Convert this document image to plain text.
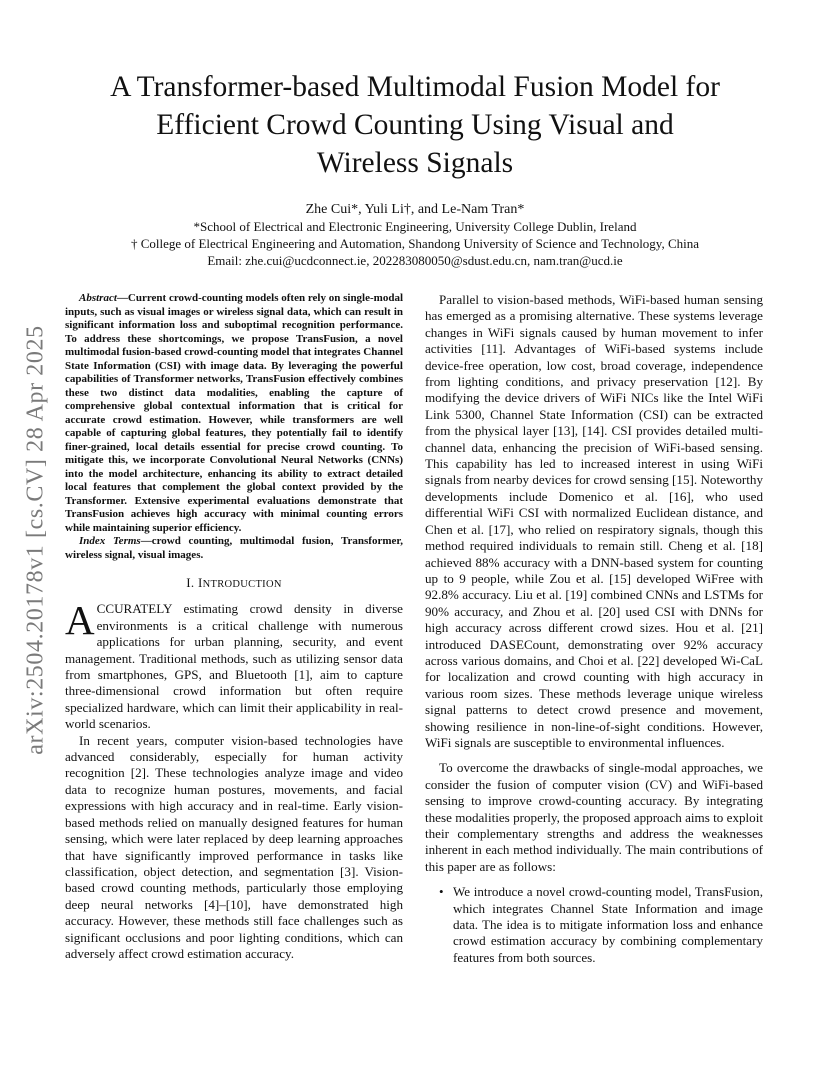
arXiv:2504.20178v1 [cs.CV] 28 Apr 2025
A Transformer-based Multimodal Fusion Model for
Efficient Crowd Counting Using Visual and
Wireless Signals
Zhe Cui*, Yuli Li†, and Le-Nam Tran*
*School of Electrical and Electronic Engineering, University College Dublin, Ireland
† College of Electrical Engineering and Automation, Shandong University of Science and Technology, China
Email: zhe.cui@ucdconnect.ie, 202283080050@sdust.edu.cn, nam.tran@ucd.ie

Abstract—Current crowd-counting models often rely on single-modal inputs, such as visual images or wireless signal data, which can result in significant information loss and suboptimal recognition performance. To address these shortcomings, we propose TransFusion, a novel multimodal fusion-based crowd-counting model that integrates Channel State Information (CSI) with image data. By leveraging the powerful capabilities of Transformer networks, TransFusion effectively combines these two distinct data modalities, enabling the capture of comprehensive global contextual information that is critical for accurate crowd estimation. However, while transformers are well capable of capturing global features, they potentially fail to identify finer-grained, local details essential for precise crowd counting. To mitigate this, we incorporate Convolutional Neural Networks (CNNs) into the model architecture, enhancing its ability to extract detailed local features that complement the global context provided by the Transformer. Extensive experimental evaluations demonstrate that TransFusion achieves high accuracy with minimal counting errors while maintaining superior efficiency.

Index Terms—crowd counting, multimodal fusion, Transformer, wireless signal, visual images.

I. INTRODUCTION

ACCURATELY estimating crowd density in diverse environments is a critical challenge with numerous applications for urban planning, security, and event management. Traditional methods, such as utilizing sensor data from smartphones, GPS, and Bluetooth [1], aim to capture three-dimensional crowd information but often require specialized hardware, which can limit their applicability in real-world scenarios.

In recent years, computer vision-based technologies have advanced considerably, especially for human activity recognition [2]. These technologies analyze image and video data to recognize human postures, movements, and facial expressions with high accuracy and in real-time. Early vision-based methods relied on manually designed features for human sensing, which were later replaced by deep learning approaches that have significantly improved performance in tasks like classification, object detection, and segmentation [3]. Vision-based crowd counting methods, particularly those employing deep neural networks [4]–[10], have demonstrated high accuracy. However, these methods still face challenges such as significant occlusions and poor lighting conditions, which can adversely affect crowd estimation accuracy.

Parallel to vision-based methods, WiFi-based human sensing has emerged as a promising alternative. These systems leverage changes in WiFi signals caused by human movement to infer activities [11]. Advantages of WiFi-based systems include device-free operation, low cost, broad coverage, independence from lighting conditions, and privacy preservation [12]. By modifying the device drivers of WiFi NICs like the Intel WiFi Link 5300, Channel State Information (CSI) can be extracted from the physical layer [13], [14]. CSI provides detailed multi-channel data, enhancing the precision of WiFi-based sensing. This capability has led to increased interest in using WiFi signals from nearby devices for crowd sensing [15]. Noteworthy developments include Domenico et al. [16], who used differential WiFi CSI with normalized Euclidean distance, and Chen et al. [17], who relied on respiratory signals, though this method required individuals to remain still. Cheng et al. [18] achieved 88% accuracy with a DNN-based system for counting up to 9 people, while Zou et al. [15] developed WiFree with 92.8% accuracy. Liu et al. [19] combined CNNs and LSTMs for 90% accuracy, and Zhou et al. [20] used CSI with DNNs for high accuracy across different crowd sizes. Hou et al. [21] introduced DASECount, demonstrating over 92% accuracy across various domains, and Choi et al. [22] developed Wi-CaL for localization and crowd counting with high accuracy in various room sizes. These methods leverage unique wireless signal patterns to detect crowd presence and movement, showing resilience in non-line-of-sight conditions. However, WiFi signals are susceptible to environmental influences.

To overcome the drawbacks of single-modal approaches, we consider the fusion of computer vision (CV) and WiFi-based sensing to improve crowd-counting accuracy. By integrating these modalities properly, the proposed approach aims to exploit their complementary strengths and address the weaknesses inherent in each method individually. The main contributions of this paper are as follows:

• We introduce a novel crowd-counting model, TransFusion, which integrates Channel State Information and image data. The idea is to mitigate information loss and enhance crowd estimation accuracy by combining complementary features from both sources.
